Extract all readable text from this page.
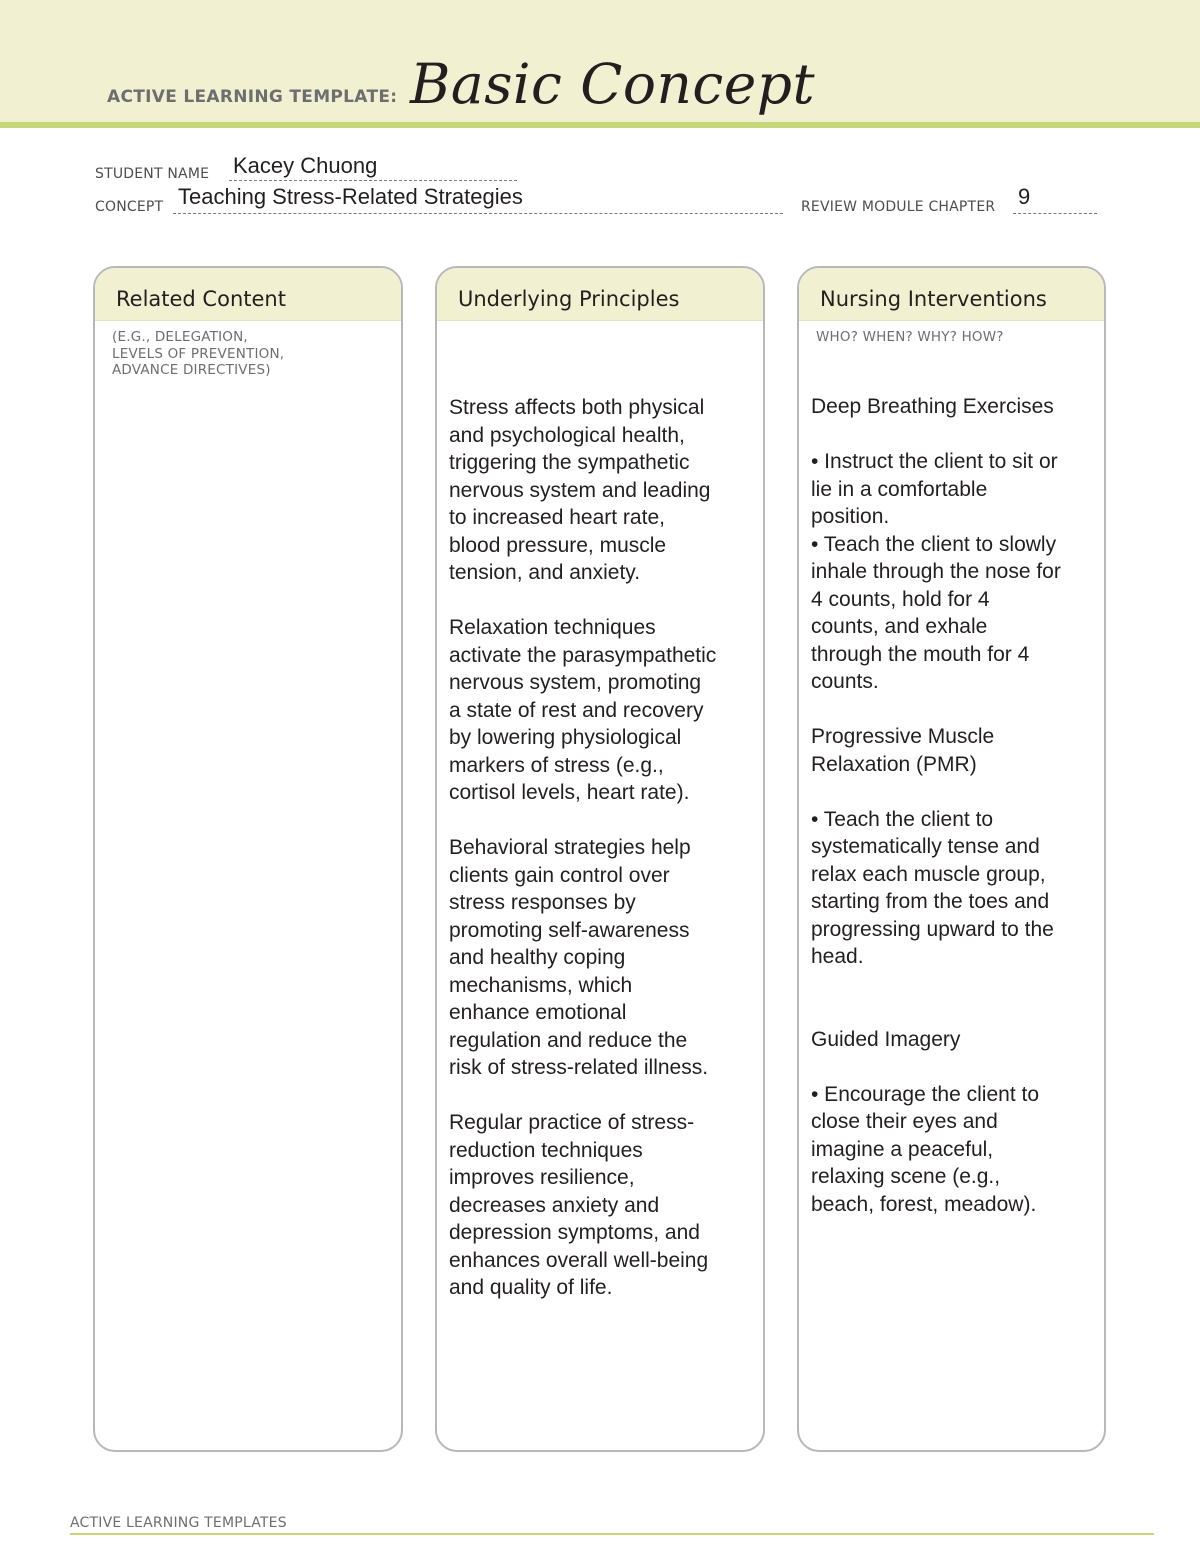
ACTIVE LEARNING TEMPLATE: Basic Concept
STUDENT NAME Kacey Chuong
CONCEPT Teaching Stress-Related Strategies	REVIEW MODULE CHAPTER 9
Related Content
(E.G., DELEGATION,
LEVELS OF PREVENTION,
ADVANCE DIRECTIVES)
Underlying Principles
Stress affects both physical
and psychological health,
triggering the sympathetic
nervous system and leading
to increased heart rate,
blood pressure, muscle
tension, and anxiety.

Relaxation techniques
activate the parasympathetic
nervous system, promoting
a state of rest and recovery
by lowering physiological
markers of stress (e.g.,
cortisol levels, heart rate).

Behavioral strategies help
clients gain control over
stress responses by
promoting self-awareness
and healthy coping
mechanisms, which
enhance emotional
regulation and reduce the
risk of stress-related illness.

Regular practice of stress-
reduction techniques
improves resilience,
decreases anxiety and
depression symptoms, and
enhances overall well-being
and quality of life.
Nursing Interventions
WHO? WHEN? WHY? HOW?
Deep Breathing Exercises

• Instruct the client to sit or
lie in a comfortable
position.
• Teach the client to slowly
inhale through the nose for
4 counts, hold for 4
counts, and exhale
through the mouth for 4
counts.

Progressive Muscle
Relaxation (PMR)

• Teach the client to
systematically tense and
relax each muscle group,
starting from the toes and
progressing upward to the
head.

Guided Imagery

• Encourage the client to
close their eyes and
imagine a peaceful,
relaxing scene (e.g.,
beach, forest, meadow).
ACTIVE LEARNING TEMPLATES
